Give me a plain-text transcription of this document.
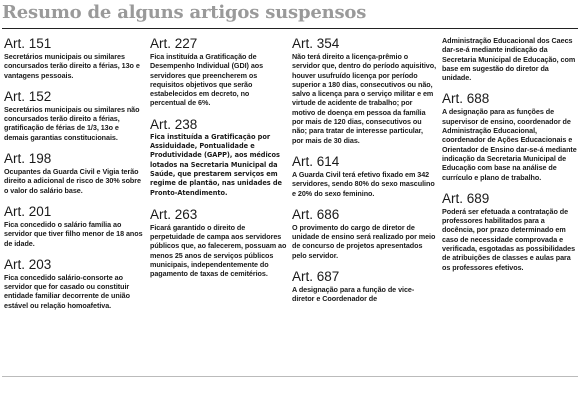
Resumo de alguns artigos suspensos
Art. 151
Secretários municipais ou similares concursados terão direito a férias, 13o e vantagens pessoais.
Art. 152
Secretários municipais ou similares não concursados terão direito a férias, gratificação de férias de 1/3, 13o e demais garantias constitucionais.
Art. 198
Ocupantes da Guarda Civil e Vigia terão direito a adicional de risco de 30% sobre o valor do salário base.
Art. 201
Fica concedido o salário família ao servidor que tiver filho menor de 18 anos de idade.
Art. 203
Fica concedido salário-consorte ao servidor que for casado ou constituir entidade familiar decorrente de união estável ou relação homoafetiva.
Art. 227
Fica instituída a Gratificação de Desempenho Individual (GDI) aos servidores que preencherem os requisitos objetivos que serão estabelecidos em decreto, no percentual de 6%.
Art. 238
Fica instituída a Gratificação por Assiduidade, Pontualidade e Produtividade (GAPP), aos médicos lotados na Secretaria Municipal da Saúde, que prestarem serviços em regime de plantão, nas unidades de Pronto-Atendimento.
Art. 263
Ficará garantido o direito de perpetuidade de campa aos servidores públicos que, ao falecerem, possuam ao menos 25 anos de serviços públicos municipais, independentemente do pagamento de taxas de cemitérios.
Art. 354
Não terá direito a licença-prêmio o servidor que, dentro do período aquisitivo, houver usufruído licença por período superior a 180 dias, consecutivos ou não, salvo a licença para o serviço militar e em virtude de acidente de trabalho; por motivo de doença em pessoa da família por mais de 120 dias, consecutivos ou não; para tratar de interesse particular, por mais de 30 dias.
Art. 614
A Guarda Civil terá efetivo fixado em 342 servidores, sendo 80% do sexo masculino e 20% do sexo feminino.
Art. 686
O provimento do cargo de diretor de unidade de ensino será realizado por meio de concurso de projetos apresentados pelo servidor.
Art. 687
A designação para a função de vice-diretor e Coordenador de
Administração Educacional dos Caecs dar-se-á mediante indicação da Secretaria Municipal de Educação, com base em sugestão do diretor da unidade.
Art. 688
A designação para as funções de supervisor de ensino, coordenador de Administração Educacional, coordenador de Ações Educacionais e Orientador de Ensino dar-se-á mediante indicação da Secretaria Municipal de Educação com base na análise de currículo e plano de trabalho.
Art. 689
Poderá ser efetuada a contratação de professores habilitados para a docência, por prazo determinado em caso de necessidade comprovada e verificada, esgotadas as possibilidades de atribuições de classes e aulas para os professores efetivos.
